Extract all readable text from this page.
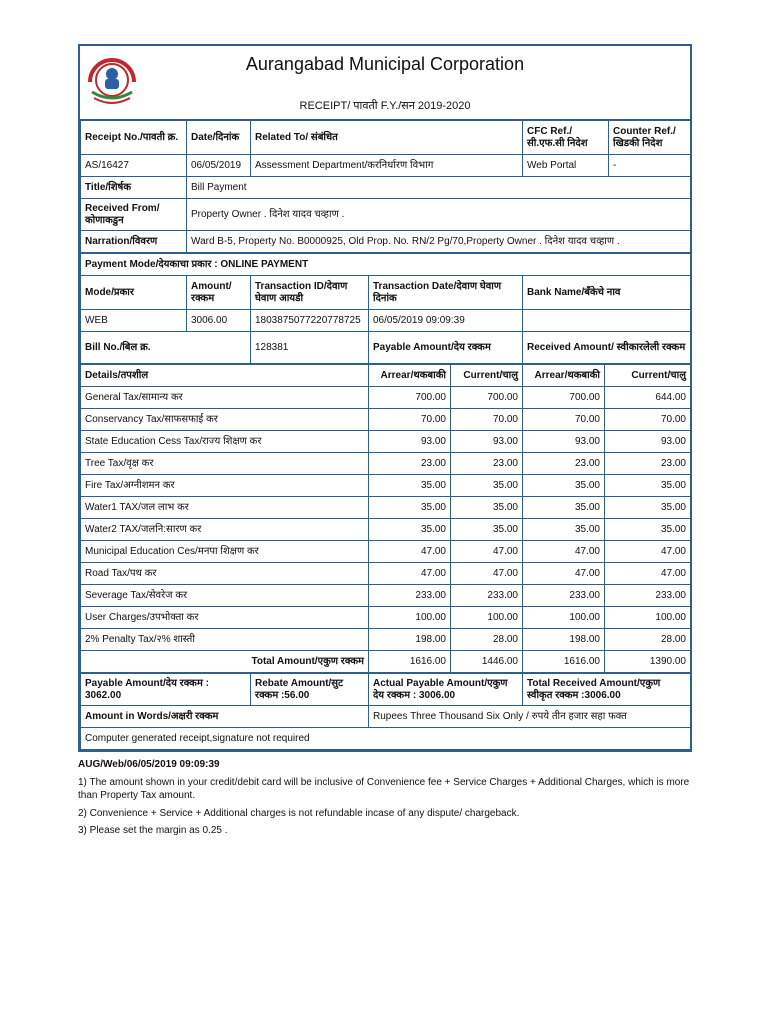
Aurangabad Municipal Corporation
RECEIPT/ पावती F.Y./सन 2019-2020
Receipt No./पावती क्र.	Date/दिनांक	Related To/ संबंधित	CFC Ref./ सी.एफ.सी निदेश	Counter Ref./ खिडकी निदेश
AS/16427	06/05/2019	Assessment Department/करनिर्धारण विभाग	Web Portal	-
Title/शिर्षक	Bill Payment			
Received From/ कोणाकडुन	Property Owner . दिनेश यादव चव्हाण .			
Narration/विवरण	Ward B-5, Property No. B0000925, Old Prop. No. RN/2 Pg/70,Property Owner . दिनेश यादव चव्हाण .			
Payment Mode/देयकाचा प्रकार : ONLINE PAYMENT				
Mode/प्रकार	Amount/ रक्कम	Transaction ID/देवाण घेवाण आयडी	Transaction Date/देवाण घेवाण दिनांक	Bank Name/बँकेचे नाव
WEB	3006.00	1803875077220778725	06/05/2019 09:09:39	
Bill No./बिल क्र.		128381	Payable Amount/देय रक्कम	Received Amount/ स्वीकारलेली रक्कम
Details/तपशील	Arrear/थकबाकी	Current/चालु	Arrear/थकबाकी	Current/चालु
General Tax/सामान्य कर	700.00	700.00	700.00	644.00
Conservancy Tax/साफसफाई कर	70.00	70.00	70.00	70.00
State Education Cess Tax/राज्य शिक्षण कर	93.00	93.00	93.00	93.00
Tree Tax/वृक्ष कर	23.00	23.00	23.00	23.00
Fire Tax/अग्नीशमन कर	35.00	35.00	35.00	35.00
Water1 TAX/जल लाभ कर	35.00	35.00	35.00	35.00
Water2 TAX/जलनि:सारण कर	35.00	35.00	35.00	35.00
Municipal Education Ces/मनपा शिक्षण कर	47.00	47.00	47.00	47.00
Road Tax/पथ कर	47.00	47.00	47.00	47.00
Severage Tax/सेवरेज कर	233.00	233.00	233.00	233.00
User Charges/उपभोक्ता कर	100.00	100.00	100.00	100.00
2% Penalty Tax/२% शास्ती	198.00	28.00	198.00	28.00
Total Amount/एकुण रक्कम	1616.00	1446.00	1616.00	1390.00
Payable Amount/देय रक्कम : 3062.00	Rebate Amount/सुट रक्कम :56.00	Actual Payable Amount/एकुण देय रक्कम : 3006.00	Total Received Amount/एकुण स्वीकृत रक्कम :3006.00
Amount in Words/अक्षरी रक्कम		Rupees Three Thousand Six Only / रुपये तीन हजार सहा फक्त	
Computer generated receipt,signature not required			
AUG/Web/06/05/2019 09:09:39
1) The amount shown in your credit/debit card will be inclusive of Convenience fee + Service Charges + Additional Charges, which is more than Property Tax amount.
2) Convenience + Service + Additional charges is not refundable incase of any dispute/ chargeback.
3) Please set the margin as 0.25 .
